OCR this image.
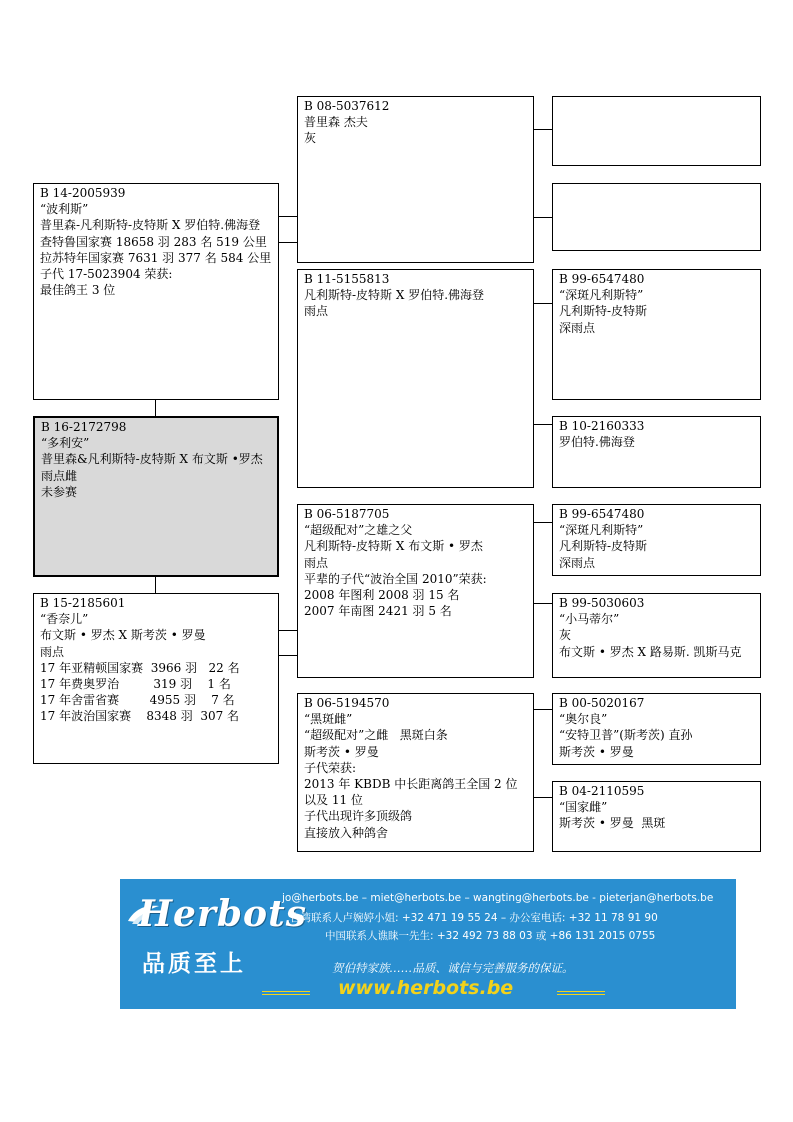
B 14-2005939
“波利斯”
普里森-凡利斯特-皮特斯 X 罗伯特.佛海登
查特鲁国家赛 18658 羽 283 名 519 公里
拉苏特年国家赛 7631 羽 377 名 584 公里
子代 17-5023904 荣获:
最佳鸽王 3 位
B 16-2172798
“多利安”
普里森&凡利斯特-皮特斯 X 布文斯 •罗杰
雨点雌
未参赛
B 15-2185601
“香奈儿”
布文斯 • 罗杰 X 斯考茨 • 罗曼
雨点
17 年亚精顿国家赛  3966 羽   22 名
17 年费奥罗治         319 羽    1 名
17 年舍雷省赛        4955 羽    7 名
17 年波治国家赛    8348 羽  307 名
B 08-5037612
普里森 杰夫
灰
B 11-5155813
凡利斯特-皮特斯 X 罗伯特.佛海登
雨点
B 06-5187705
“超级配对”之雄之父
凡利斯特-皮特斯 X 布文斯 • 罗杰
雨点
平辈的子代“波治全国 2010”荣获:
2008 年图利 2008 羽 15 名
2007 年南图 2421 羽 5 名
B 06-5194570
“黑斑雌”
“超级配对”之雌   黑斑白条
斯考茨 • 罗曼
子代荣获:
2013 年 KBDB 中长距离鸽王全国 2 位
以及 11 位
子代出现许多顶级鸽
直接放入种鸽舍
B 99-6547480
“深斑凡利斯特”
凡利斯特-皮特斯
深雨点
B 10-2160333
罗伯特.佛海登
B 99-6547480
“深斑凡利斯特”
凡利斯特-皮特斯
深雨点
B 99-5030603
“小马蒂尔”
灰
布文斯 • 罗杰 X 路易斯. 凯斯马克
B 00-5020167
“奥尔良”
“安特卫普”(斯考茨) 直孙
斯考茨 • 罗曼
B 04-2110595
“国家雌”
斯考茨 • 罗曼  黑斑
Herbots
品质至上
jo@herbots.be – miet@herbots.be – wangting@herbots.be - pieterjan@herbots.be
台湾联系人卢婉婷小姐: +32 471 19 55 24 – 办公室电话: +32 11 78 91 90
中国联系人谯睐一先生: +32 492 73 88 03 或 +86 131 2015 0755
贺伯特家族……品质、诚信与完善服务的保证。
www.herbots.be
